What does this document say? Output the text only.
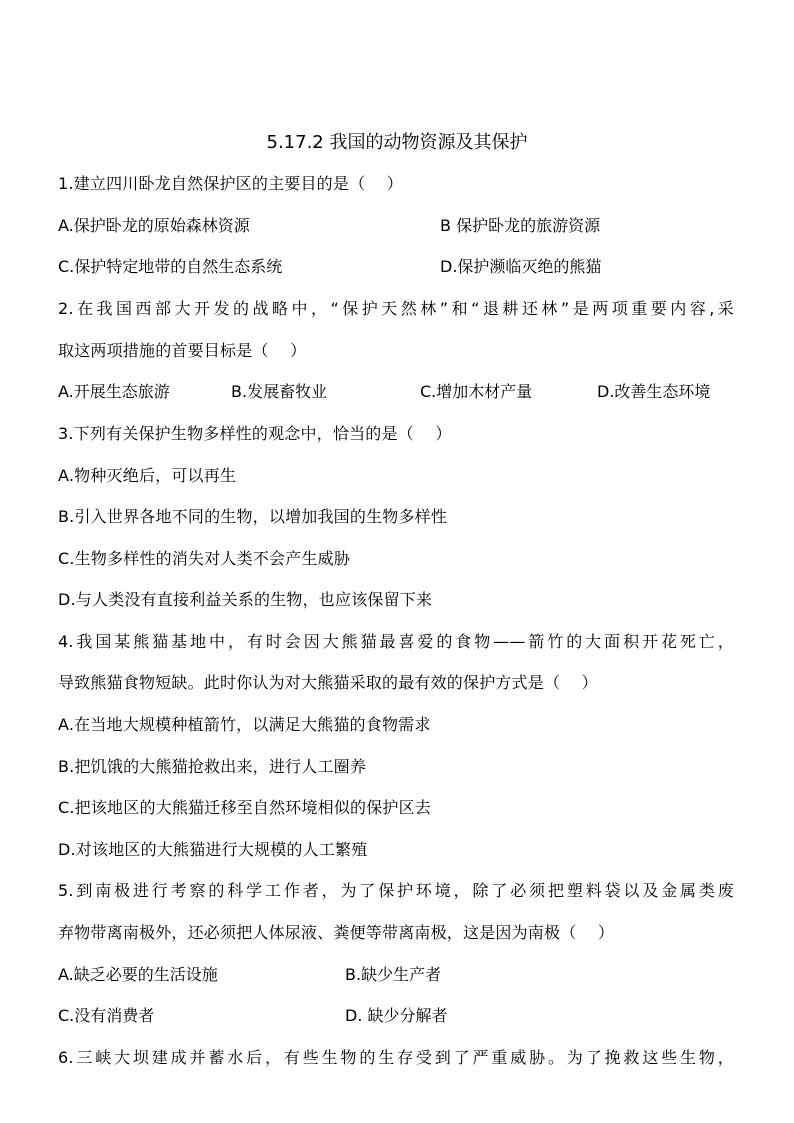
5.17.2 我国的动物资源及其保护
1.建立四川卧龙自然保护区的主要目的是（　 ）
A.保护卧龙的原始森林资源	B 保护卧龙的旅游资源
C.保护特定地带的自然生态系统	D.保护濒临灭绝的熊猫
2.在我国西部大开发的战略中，“保护天然林”和“退耕还林”是两项重要内容,采
取这两项措施的首要目标是（　 ）
A.开展生态旅游	B.发展畜牧业	C.增加木材产量	D.改善生态环境
3.下列有关保护生物多样性的观念中，恰当的是（　 ）
A.物种灭绝后，可以再生
B.引入世界各地不同的生物，以增加我国的生物多样性
C.生物多样性的消失对人类不会产生威胁
D.与人类没有直接利益关系的生物，也应该保留下来
4.我国某熊猫基地中，有时会因大熊猫最喜爱的食物——箭竹的大面积开花死亡，
导致熊猫食物短缺。此时你认为对大熊猫采取的最有效的保护方式是（　 ）
A.在当地大规模种植箭竹，以满足大熊猫的食物需求
B.把饥饿的大熊猫抢救出来，进行人工圈养
C.把该地区的大熊猫迁移至自然环境相似的保护区去
D.对该地区的大熊猫进行大规模的人工繁殖
5.到南极进行考察的科学工作者，为了保护环境，除了必须把塑料袋以及金属类废
弃物带离南极外，还必须把人体尿液、粪便等带离南极，这是因为南极（　 ）
A.缺乏必要的生活设施	B.缺少生产者
C.没有消费者	D. 缺少分解者
6.三峡大坝建成并蓄水后，有些生物的生存受到了严重威胁。为了挽救这些生物，
